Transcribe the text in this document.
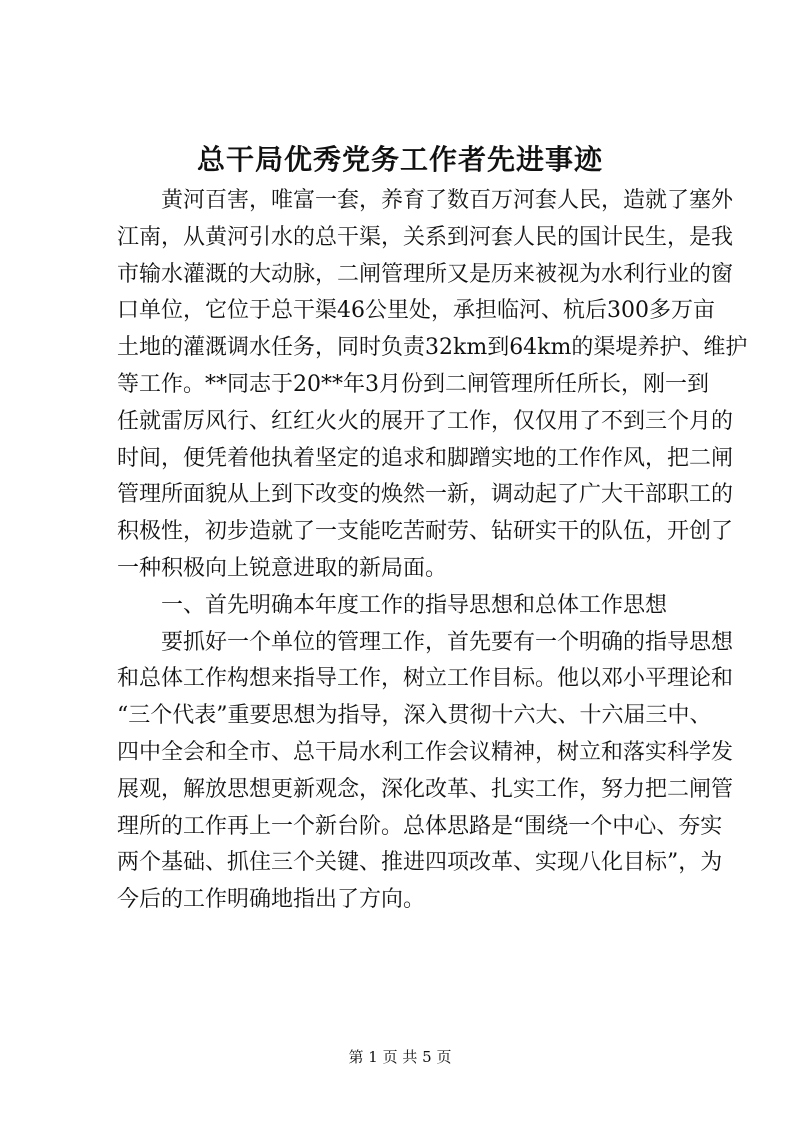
总干局优秀党务工作者先进事迹
黄河百害，唯富一套，养育了数百万河套人民，造就了塞外
江南，从黄河引水的总干渠，关系到河套人民的国计民生，是我
市输水灌溉的大动脉，二闸管理所又是历来被视为水利行业的窗
口单位，它位于总干渠46公里处，承担临河、杭后300多万亩
土地的灌溉调水任务，同时负责32km到64km的渠堤养护、维护
等工作。**同志于20**年3月份到二闸管理所任所长，刚一到
任就雷厉风行、红红火火的展开了工作，仅仅用了不到三个月的
时间，便凭着他执着坚定的追求和脚蹭实地的工作作风，把二闸
管理所面貌从上到下改变的焕然一新，调动起了广大干部职工的
积极性，初步造就了一支能吃苦耐劳、钻研实干的队伍，开创了
一种积极向上锐意进取的新局面。
一、首先明确本年度工作的指导思想和总体工作思想
要抓好一个单位的管理工作，首先要有一个明确的指导思想
和总体工作构想来指导工作，树立工作目标。他以邓小平理论和
“三个代表”重要思想为指导，深入贯彻十六大、十六届三中、
四中全会和全市、总干局水利工作会议精神，树立和落实科学发
展观，解放思想更新观念，深化改革、扎实工作，努力把二闸管
理所的工作再上一个新台阶。总体思路是“围绕一个中心、夯实
两个基础、抓住三个关键、推进四项改革、实现八化目标”，为
今后的工作明确地指出了方向。
第 1 页 共 5 页
